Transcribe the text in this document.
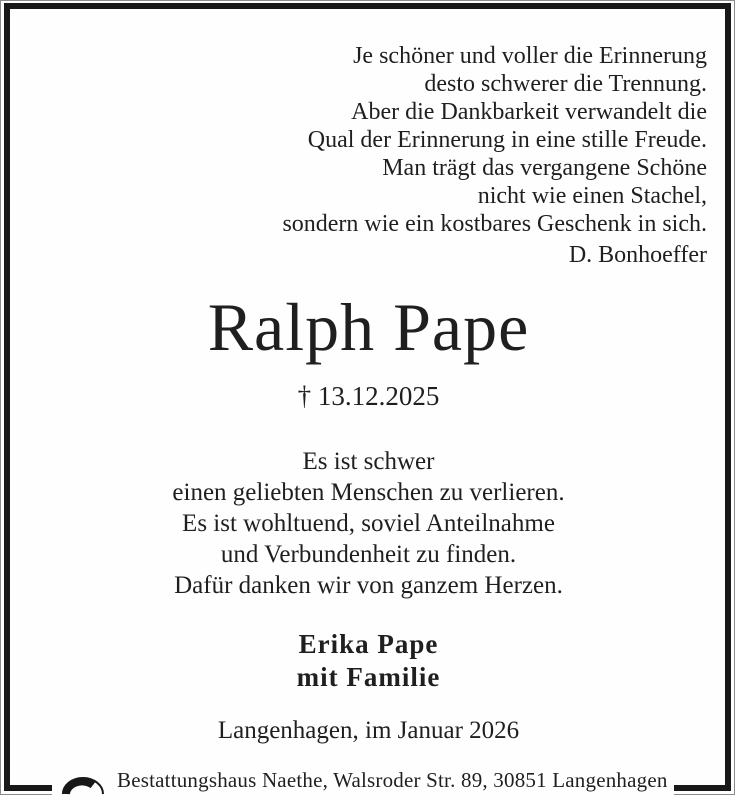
Je schöner und voller die Erinnerung
desto schwerer die Trennung.
Aber die Dankbarkeit verwandelt die
Qual der Erinnerung in eine stille Freude.
Man trägt das vergangene Schöne
nicht wie einen Stachel,
sondern wie ein kostbares Geschenk in sich.
D. Bonhoeffer
Ralph Pape
† 13.12.2025
Es ist schwer
einen geliebten Menschen zu verlieren.
Es ist wohltuend, soviel Anteilnahme
und Verbundenheit zu finden.
Dafür danken wir von ganzem Herzen.
Erika Pape
mit Familie
Langenhagen, im Januar 2026
Bestattungshaus Naethe, Walsroder Str. 89, 30851 Langenhagen
